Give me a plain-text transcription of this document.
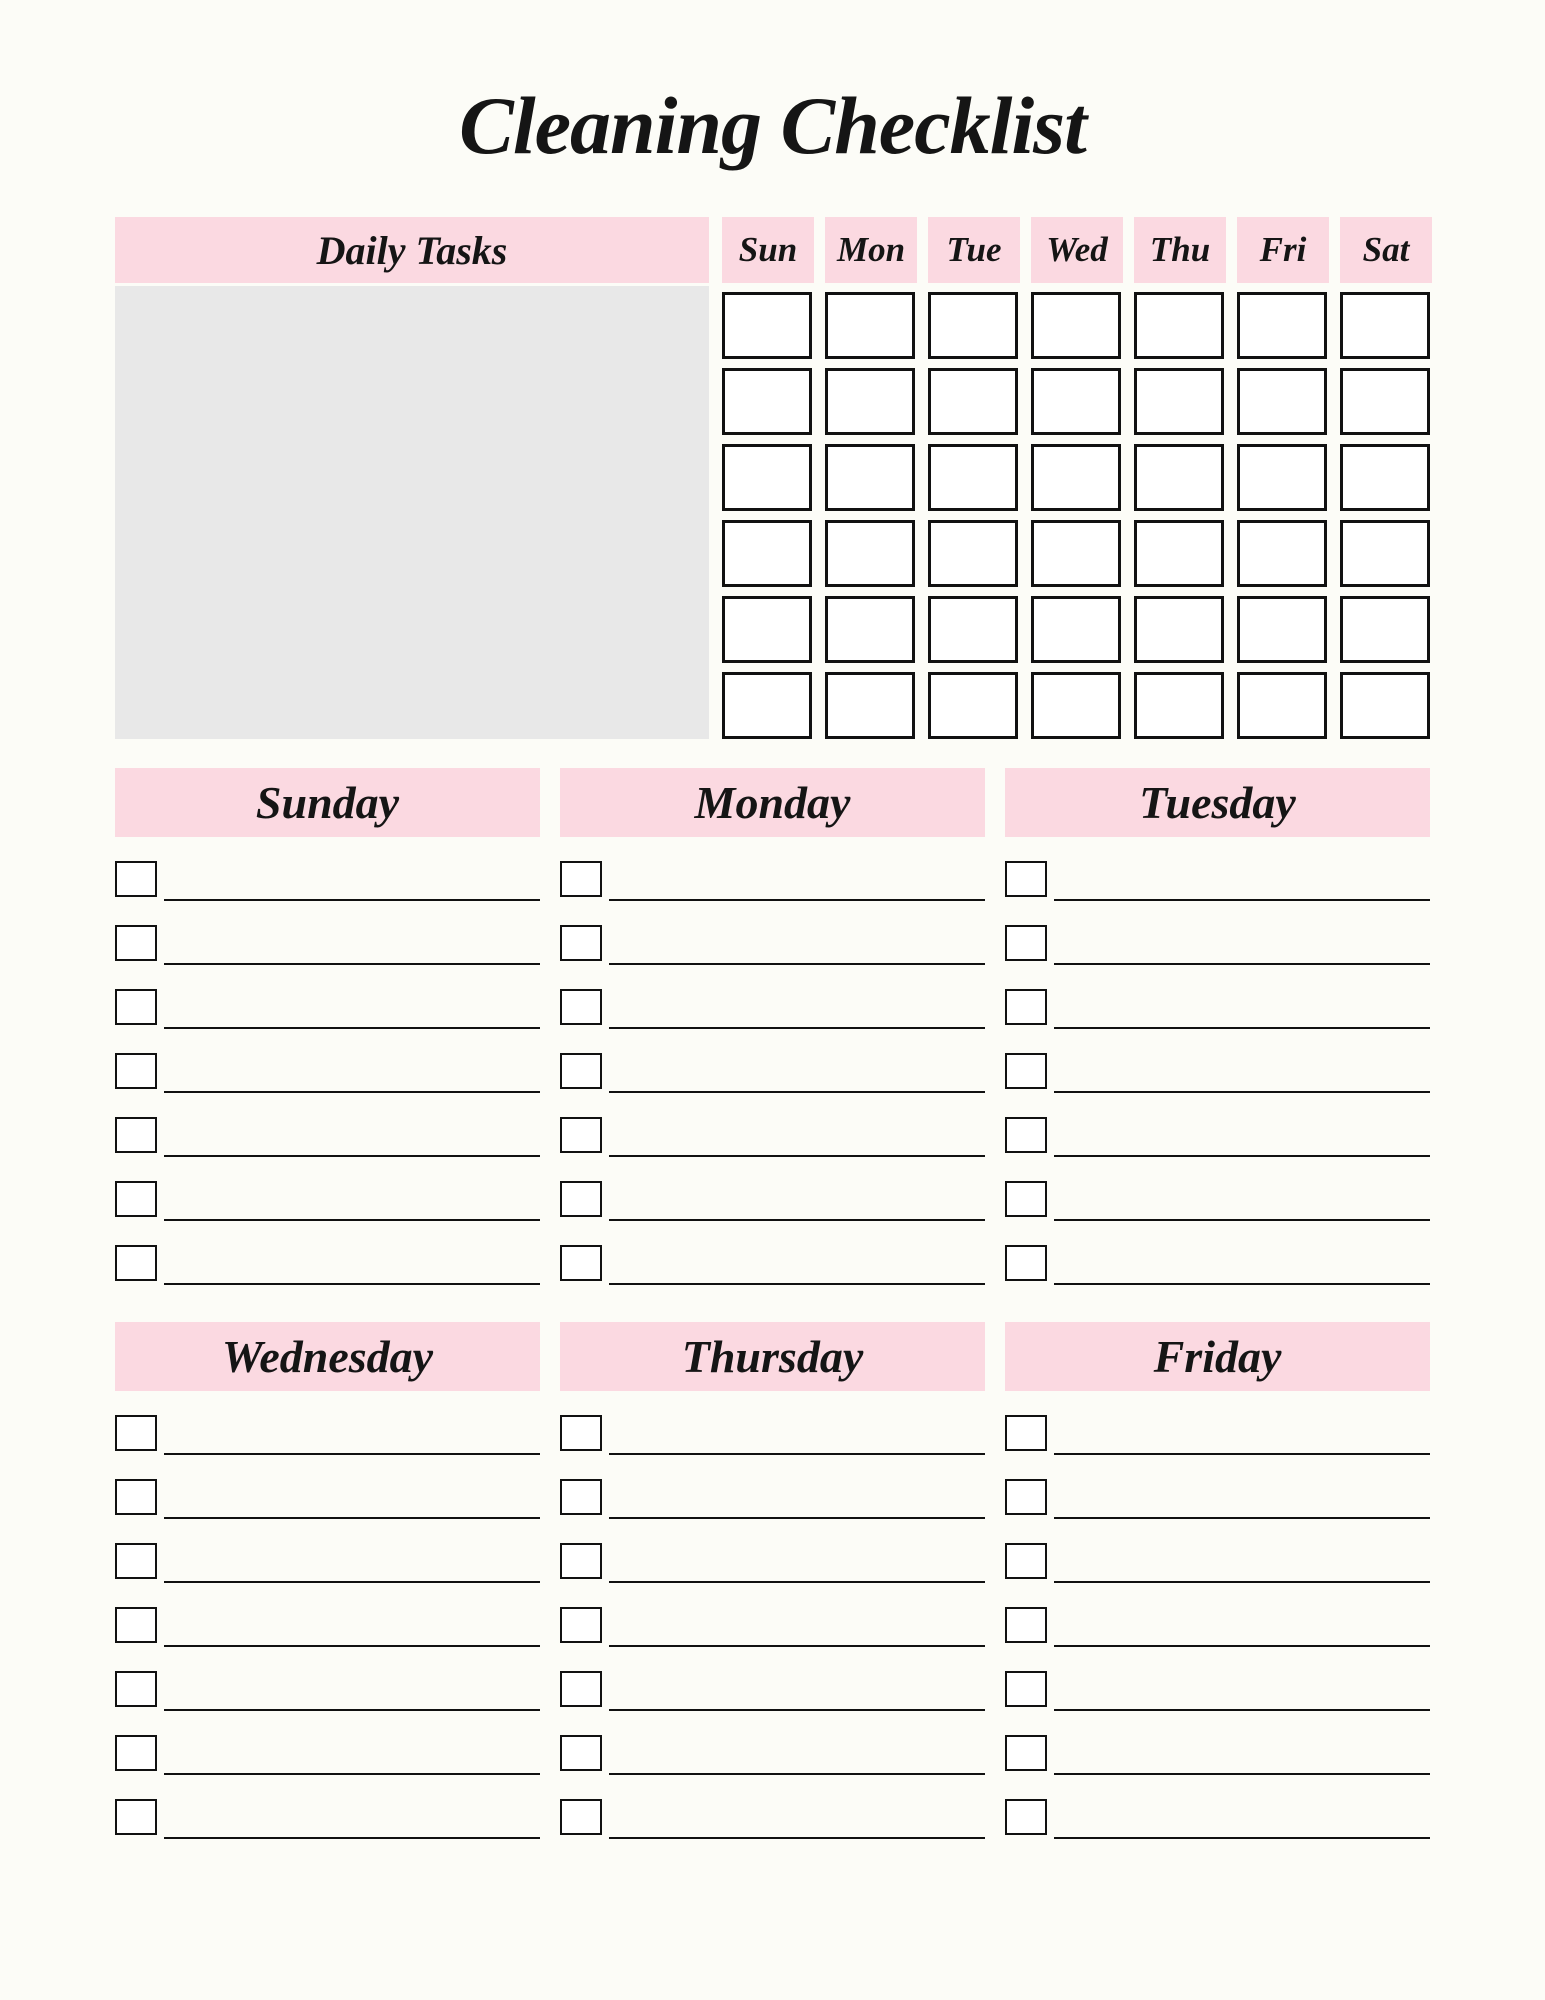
Cleaning Checklist
Daily Tasks	Sun Mon Tue Wed Thu Fri Sat
Sunday	Monday	Tuesday
Wednesday	Thursday	Friday
